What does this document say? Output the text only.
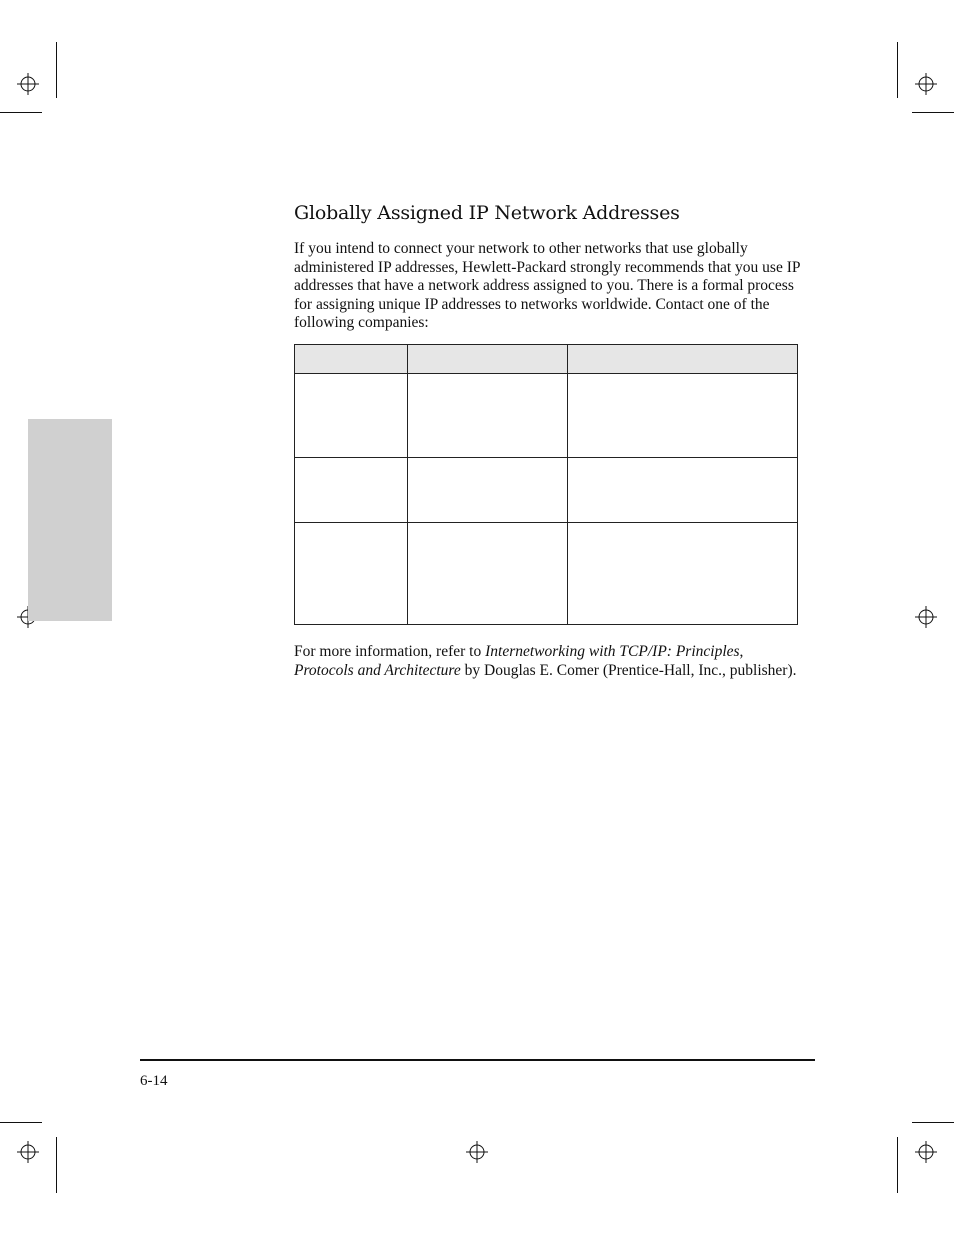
Globally Assigned IP Network Addresses

If you intend to connect your network to other networks that use globally administered IP addresses, Hewlett-Packard strongly recommends that you use IP addresses that have a network address assigned to you. There is a formal process for assigning unique IP addresses to networks worldwide. Contact one of the following companies:

For more information, refer to Internetworking with TCP/IP: Principles, Protocols and Architecture by Douglas E. Comer (Prentice-Hall, Inc., publisher).

6-14
